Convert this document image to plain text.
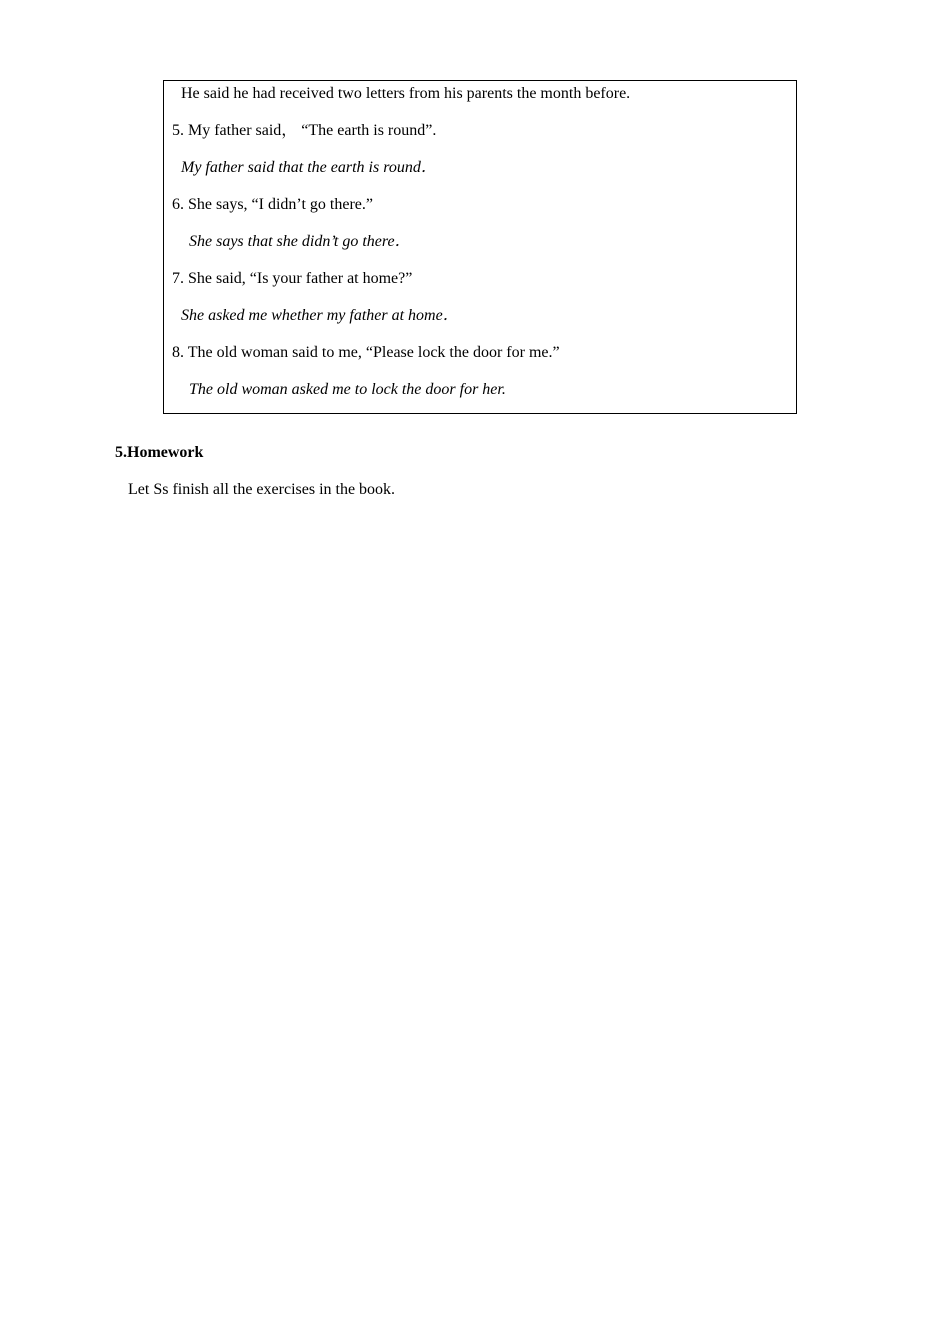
He said he had received two letters from his parents the month before.
5. My father said， “The earth is round”.
My father said that the earth is round．
6. She says, “I didn’t go there.”
She says that she didn’t go there．
7. She said, “Is your father at home?”
She asked me whether my father at home．
8. The old woman said to me, “Please lock the door for me.”
The old woman asked me to lock the door for her.
5.Homework
Let Ss finish all the exercises in the book.
